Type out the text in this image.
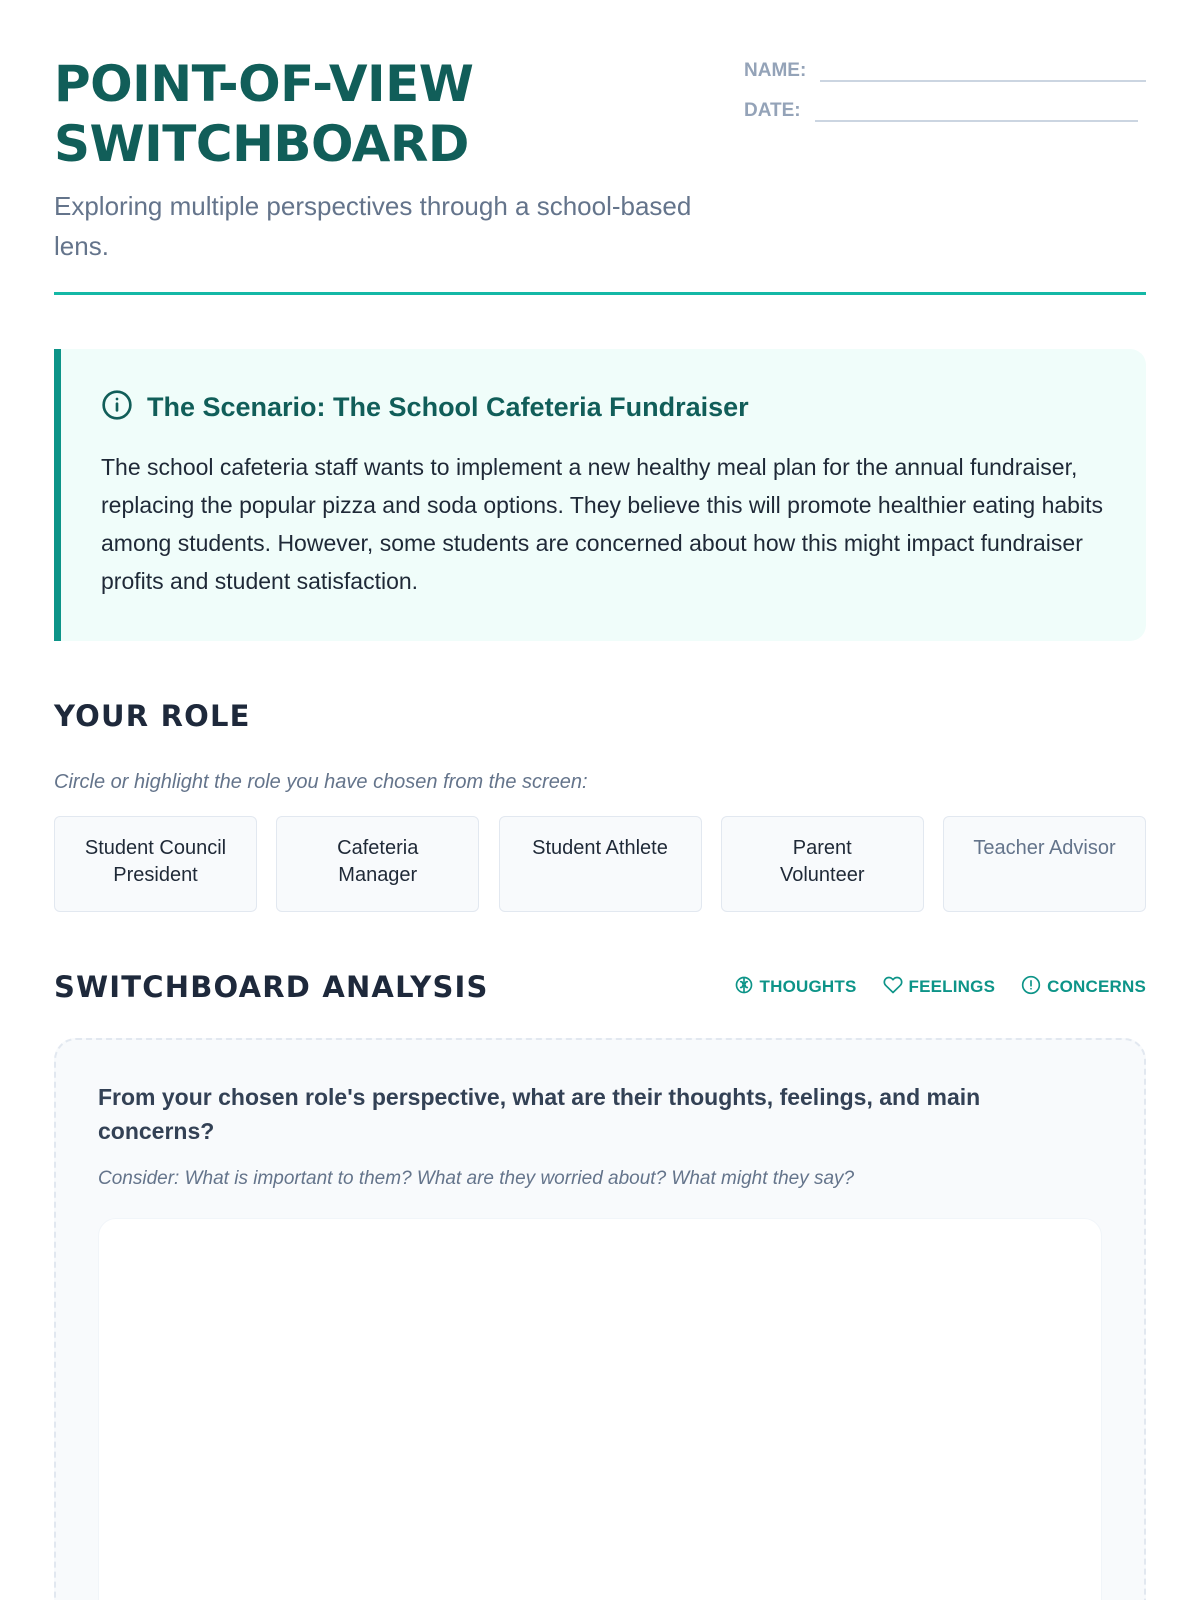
POINT-OF-VIEW
SWITCHBOARD

Exploring multiple perspectives through a school-based lens.

NAME:
DATE:
The Scenario: The School Cafeteria Fundraiser

The school cafeteria staff wants to implement a new healthy meal plan for the annual fundraiser, replacing the popular pizza and soda options. They believe this will promote healthier eating habits among students. However, some students are concerned about how this might impact fundraiser profits and student satisfaction.

YOUR ROLE

Circle or highlight the role you have chosen from the screen:

Student Council President
Cafeteria Manager
Student Athlete	Parent Volunteer
Teacher Advisor
SWITCHBOARD ANALYSIS	THOUGHTS	FEELINGS	CONCERNS

From your chosen role's perspective, what are their thoughts, feelings, and main concerns?

Consider: What is important to them? What are they worried about? What might they say?
